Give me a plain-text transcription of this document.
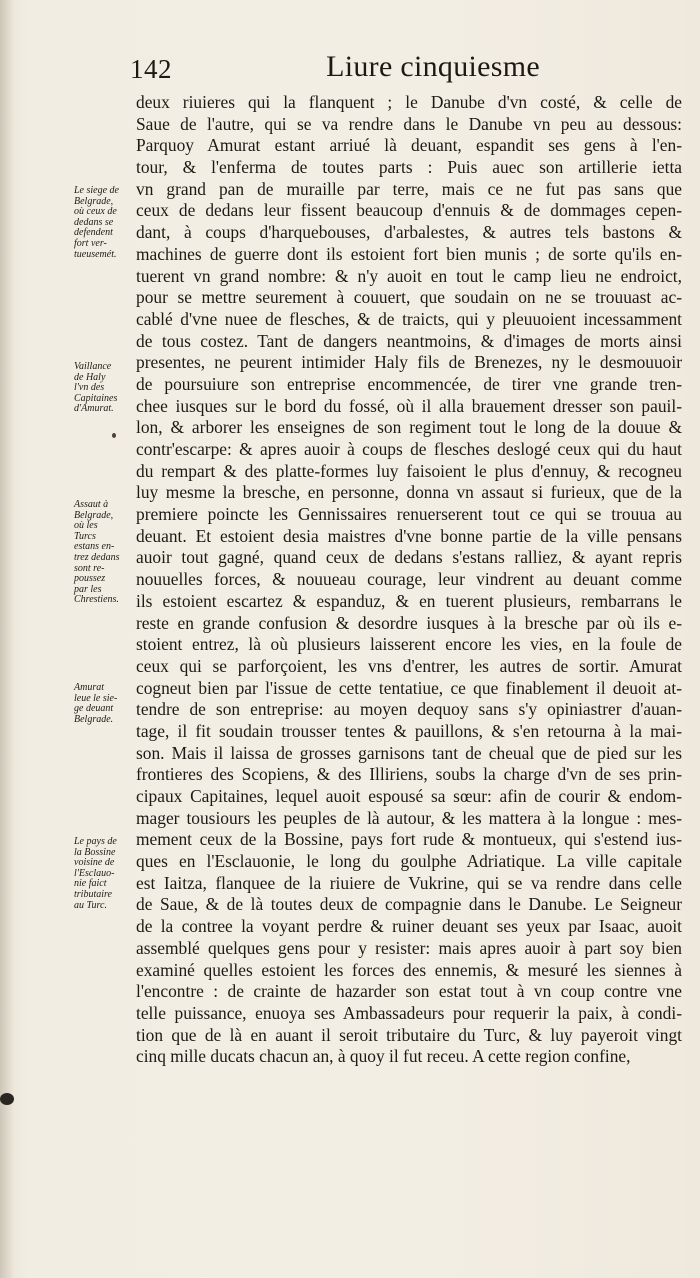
142	Liure cinquiesme
Le siege de
Belgrade,
où ceux de
dedans se
defendent
fort ver-
tueusemét.
Vaillance
de Haly
l'vn des
Capitaines
d'Amurat.
Assaut à
Belgrade,
où les
Turcs
estans en-
trez dedans
sont re-
poussez
par les
Chrestiens.
Amurat
leue le sie-
ge deuant
Belgrade.
Le pays de
la Bossine
voisine de
l'Esclauo-
nie faict
tributaire
au Turc.
deux riuieres qui la flanquent ; le Danube d'vn costé, & celle de
Saue de l'autre, qui se va rendre dans le Danube vn peu au dessous:
Parquoy Amurat estant arriué là deuant, espandit ses gens à l'en-
tour, & l'enferma de toutes parts : Puis auec son artillerie ietta
vn grand pan de muraille par terre, mais ce ne fut pas sans que
ceux de dedans leur fissent beaucoup d'ennuis & de dommages cepen-
dant, à coups d'harquebouses, d'arbalestes, & autres tels bastons &
machines de guerre dont ils estoient fort bien munis ; de sorte qu'ils en-
tuerent vn grand nombre: & n'y auoit en tout le camp lieu ne endroict,
pour se mettre seurement à couuert, que soudain on ne se trouuast ac-
cablé d'vne nuee de flesches, & de traicts, qui y pleuuoient incessamment
de tous costez. Tant de dangers neantmoins, & d'images de morts ainsi
presentes, ne peurent intimider Haly fils de Brenezes, ny le desmouuoir
de poursuiure son entreprise encommencée, de tirer vne grande tren-
chee iusques sur le bord du fossé, où il alla brauement dresser son pauil-
lon, & arborer les enseignes de son regiment tout le long de la douue &
contr'escarpe: & apres auoir à coups de flesches deslogé ceux qui du haut
du rempart & des platte-formes luy faisoient le plus d'ennuy, & recogneu
luy mesme la bresche, en personne, donna vn assaut si furieux, que de la
premiere poincte les Gennissaires renuerserent tout ce qui se trouua au
deuant. Et estoient desia maistres d'vne bonne partie de la ville pensans
auoir tout gagné, quand ceux de dedans s'estans ralliez, & ayant repris
nouuelles forces, & nouueau courage, leur vindrent au deuant comme
ils estoient escartez & espanduz, & en tuerent plusieurs, rembarrans le
reste en grande confusion & desordre iusques à la bresche par où ils e-
stoient entrez, là où plusieurs laisserent encore les vies, en la foule de
ceux qui se parforçoient, les vns d'entrer, les autres de sortir. Amurat
cogneut bien par l'issue de cette tentatiue, ce que finablement il deuoit at-
tendre de son entreprise: au moyen dequoy sans s'y opiniastrer d'auan-
tage, il fit soudain trousser tentes & pauillons, & s'en retourna à la mai-
son. Mais il laissa de grosses garnisons tant de cheual que de pied sur les
frontieres des Scopiens, & des Illiriens, soubs la charge d'vn de ses prin-
cipaux Capitaines, lequel auoit espousé sa sœur: afin de courir & endom-
mager tousiours les peuples de là autour, & les mattera à la longue : mes-
mement ceux de la Bossine, pays fort rude & montueux, qui s'estend ius-
ques en l'Esclauonie, le long du goulphe Adriatique. La ville capitale
est Iaitza, flanquee de la riuiere de Vukrine, qui se va rendre dans celle
de Saue, & de là toutes deux de compagnie dans le Danube. Le Seigneur
de la contree la voyant perdre & ruiner deuant ses yeux par Isaac, auoit
assemblé quelques gens pour y resister: mais apres auoir à part soy bien
examiné quelles estoient les forces des ennemis, & mesuré les siennes à
l'encontre : de crainte de hazarder son estat tout à vn coup contre vne
telle puissance, enuoya ses Ambassadeurs pour requerir la paix, à condi-
tion que de là en auant il seroit tributaire du Turc, & luy payeroit vingt
cinq mille ducats chacun an, à quoy il fut receu. A cette region confine,
